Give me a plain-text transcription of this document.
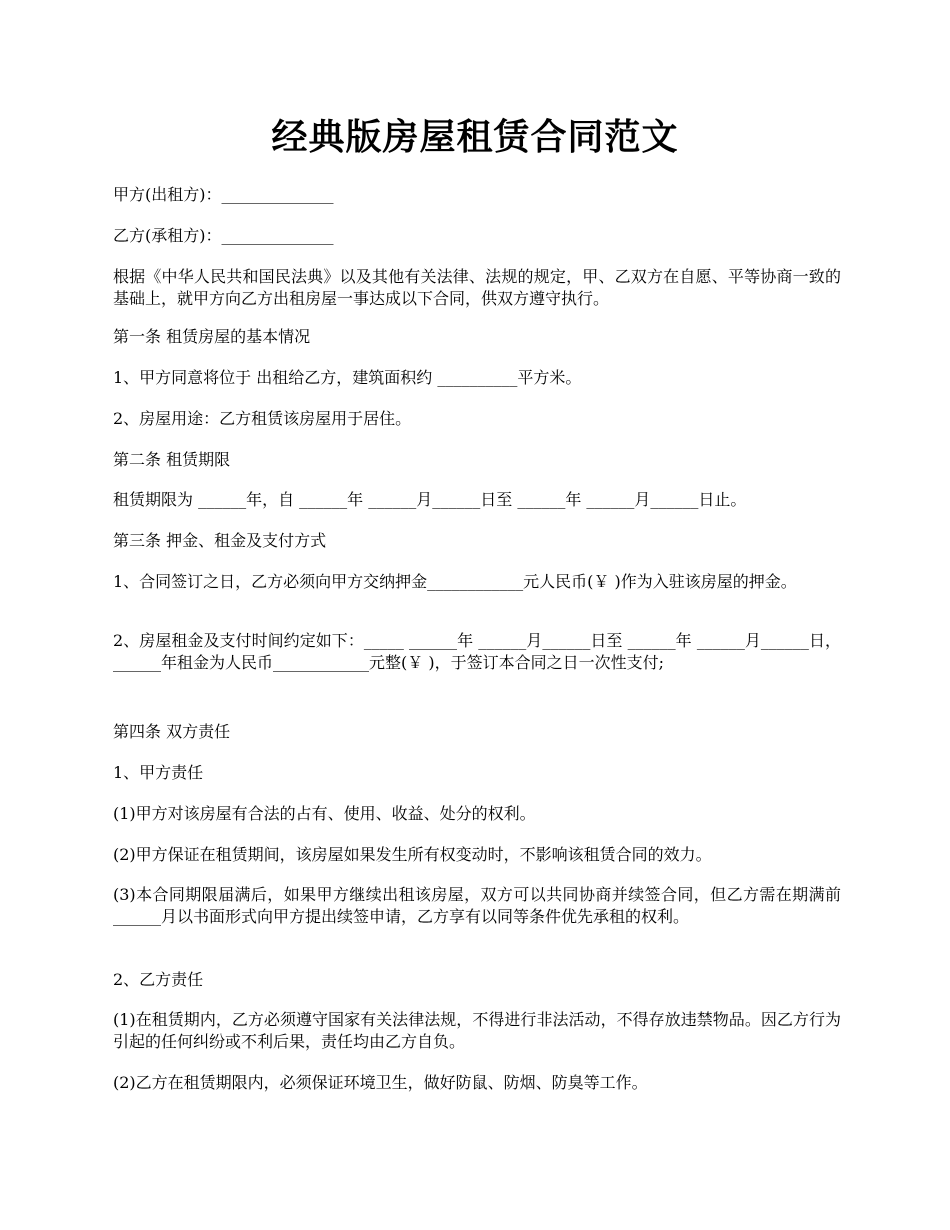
经典版房屋租赁合同范文
甲方(出租方)：______________
乙方(承租方)：______________
根据《中华人民共和国民法典》以及其他有关法律、法规的规定，甲、乙双方在自愿、平等协商一致的基础上，就甲方向乙方出租房屋一事达成以下合同，供双方遵守执行。
第一条 租赁房屋的基本情况
1、甲方同意将位于 出租给乙方，建筑面积约 __________平方米。
2、房屋用途：乙方租赁该房屋用于居住。
第二条 租赁期限
租赁期限为 ______年，自 ______年 ______月______日至 ______年 ______月______日止。
第三条 押金、租金及支付方式
1、合同签订之日，乙方必须向甲方交纳押金____________元人民币(￥ )作为入驻该房屋的押金。
2、房屋租金及支付时间约定如下：_____ ______年 ______月______日至 ______年 ______月______日，______年租金为人民币____________元整(￥ )，于签订本合同之日一次性支付;
第四条 双方责任
1、甲方责任
(1)甲方对该房屋有合法的占有、使用、收益、处分的权利。
(2)甲方保证在租赁期间，该房屋如果发生所有权变动时，不影响该租赁合同的效力。
(3)本合同期限届满后，如果甲方继续出租该房屋，双方可以共同协商并续签合同，但乙方需在期满前______月以书面形式向甲方提出续签申请，乙方享有以同等条件优先承租的权利。
2、乙方责任
(1)在租赁期内，乙方必须遵守国家有关法律法规，不得进行非法活动，不得存放违禁物品。因乙方行为引起的任何纠纷或不利后果，责任均由乙方自负。
(2)乙方在租赁期限内，必须保证环境卫生，做好防鼠、防烟、防臭等工作。
